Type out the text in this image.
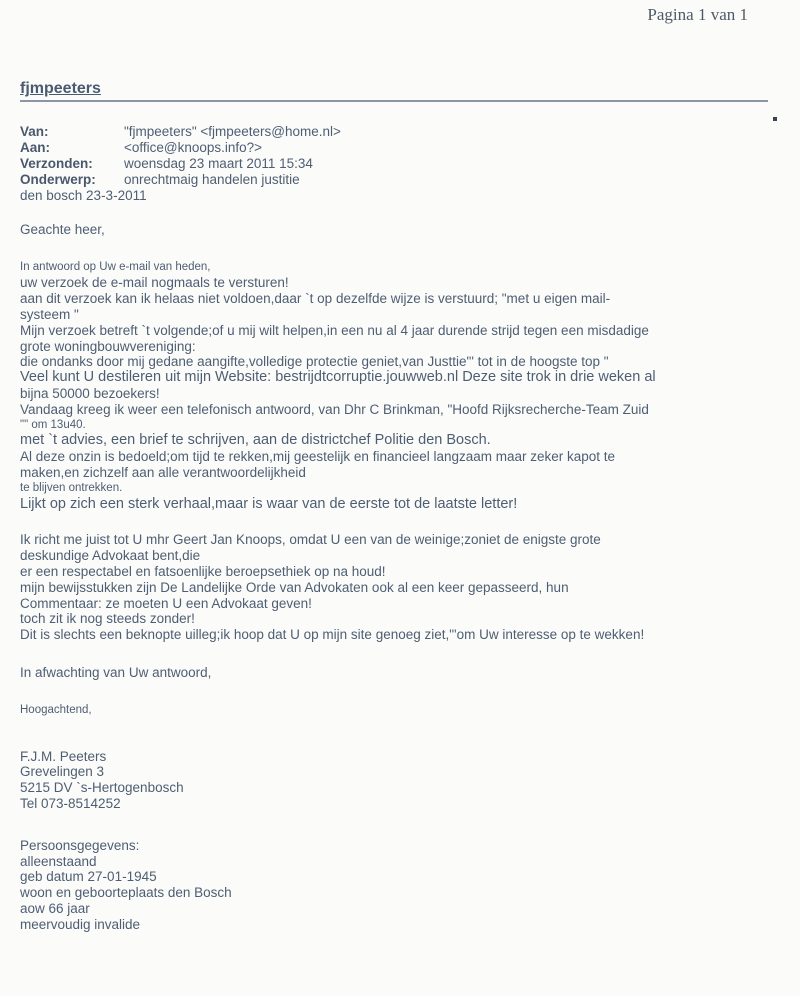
Pagina 1 van 1
fjmpeeters
Van:	"fjmpeeters" <fjmpeeters@home.nl>
Aan:	<office@knoops.info?>
Verzonden:	woensdag 23 maart 2011 15:34
Onderwerp:	onrechtmaig handelen justitie
den bosch 23-3-2011
Geachte heer,
In antwoord op Uw e-mail van heden,
uw verzoek de e-mail nogmaals te versturen!
aan dit verzoek kan ik helaas niet voldoen,daar `t op dezelfde wijze is verstuurd; "met u eigen mail-
systeem "
Mijn verzoek betreft `t volgende;of u mij wilt helpen,in een nu al 4 jaar durende strijd tegen een misdadige
grote woningbouwvereniging:
die ondanks door mij gedane aangifte,volledige protectie geniet,van Justtie"' tot in de hoogste top "
Veel kunt U destileren uit mijn Website: bestrijdtcorruptie.jouwweb.nl Deze site trok in drie weken al
bijna 50000 bezoekers!
Vandaag kreeg ik weer een telefonisch antwoord, van Dhr C Brinkman, "Hoofd Rijksrecherche-Team Zuid
"" om 13u40.
met `t advies, een brief te schrijven, aan de districtchef Politie den Bosch.
Al deze onzin is bedoeld;om tijd te rekken,mij geestelijk en financieel langzaam maar zeker kapot te
maken,en zichzelf aan alle verantwoordelijkheid
te blijven ontrekken.
Lijkt op zich een sterk verhaal,maar is waar van de eerste tot de laatste letter!
Ik richt me juist tot U mhr Geert Jan Knoops, omdat U een van de weinige;zoniet de enigste grote
deskundige Advokaat bent,die
er een respectabel en fatsoenlijke beroepsethiek op na houd!
mijn bewijsstukken zijn De Landelijke Orde van Advokaten ook al een keer gepasseerd, hun
Commentaar: ze moeten U een Advokaat geven!
toch zit ik nog steeds zonder!
Dit is slechts een beknopte uilleg;ik hoop dat U op mijn site genoeg ziet,"'om Uw interesse op te wekken!
In afwachting van Uw antwoord,
Hoogachtend,
F.J.M. Peeters
Grevelingen 3
5215 DV `s-Hertogenbosch
Tel 073-8514252
Persoonsgegevens:
alleenstaand
geb datum 27-01-1945
woon en geboorteplaats den Bosch
aow 66 jaar
meervoudig invalide
